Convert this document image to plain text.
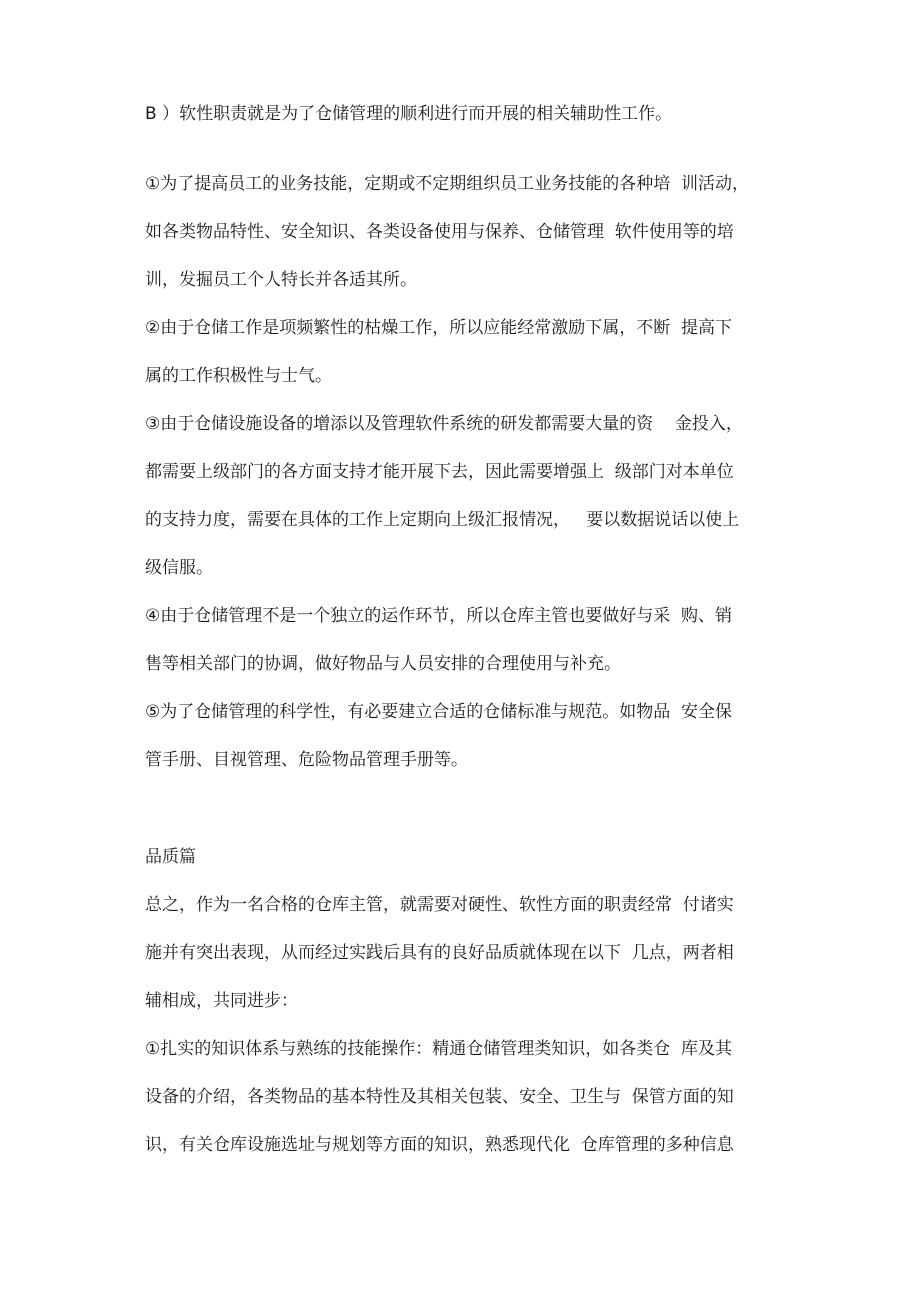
B ）软性职责就是为了仓储管理的顺利进行而开展的相关辅助性工作。

①为了提高员工的业务技能，定期或不定期组织员工业务技能的各种培  训活动，

如各类物品特性、安全知识、各类设备使用与保养、仓储管理  软件使用等的培

训，发掘员工个人特长并各适其所。

②由于仓储工作是项频繁性的枯燥工作，所以应能经常激励下属，不断  提高下

属的工作积极性与士气。

③由于仓储设施设备的增添以及管理软件系统的研发都需要大量的资    金投入，

都需要上级部门的各方面支持才能开展下去，因此需要增强上  级部门对本单位

的支持力度，需要在具体的工作上定期向上级汇报情况，   要以数据说话以使上

级信服。

④由于仓储管理不是一个独立的运作环节，所以仓库主管也要做好与采  购、销

售等相关部门的协调，做好物品与人员安排的合理使用与补充。

⑤为了仓储管理的科学性，有必要建立合适的仓储标准与规范。如物品  安全保

管手册、目视管理、危险物品管理手册等。

品质篇

总之，作为一名合格的仓库主管，就需要对硬性、软性方面的职责经常  付诸实

施并有突出表现，从而经过实践后具有的良好品质就体现在以下  几点，两者相

辅相成，共同进步：

①扎实的知识体系与熟练的技能操作：精通仓储管理类知识，如各类仓  库及其

设备的介绍，各类物品的基本特性及其相关包装、安全、卫生与  保管方面的知

识，有关仓库设施选址与规划等方面的知识，熟悉现代化  仓库管理的多种信息
